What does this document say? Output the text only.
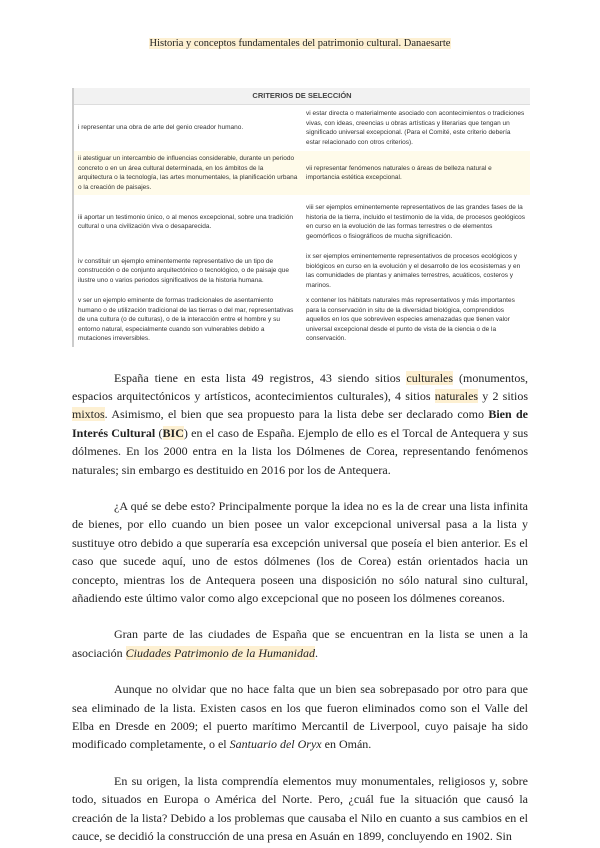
Historia y conceptos fundamentales del patrimonio cultural. Danaesarte
CRITERIOS DE SELECCIÓN
i representar una obra de arte del genio creador humano.
vi estar directa o materialmente asociado con acontecimientos o tradiciones vivas, con ideas, creencias u obras artísticas y literarias que tengan un significado universal excepcional. (Para el Comité, este criterio debería estar relacionado con otros criterios).
ii atestiguar un intercambio de influencias considerable, durante un periodo concreto o en un área cultural determinada, en los ámbitos de la arquitectura o la tecnología, las artes monumentales, la planificación urbana o la creación de paisajes.
vii representar fenómenos naturales o áreas de belleza natural e importancia estética excepcional.
iii aportar un testimonio único, o al menos excepcional, sobre una tradición cultural o una civilización viva o desaparecida.
viii ser ejemplos eminentemente representativos de las grandes fases de la historia de la tierra, incluido el testimonio de la vida, de procesos geológicos en curso en la evolución de las formas terrestres o de elementos geomórficos o fisiográficos de mucha significación.
iv constituir un ejemplo eminentemente representativo de un tipo de construcción o de conjunto arquitectónico o tecnológico, o de paisaje que ilustre uno o varios periodos significativos de la historia humana.
ix ser ejemplos eminentemente representativos de procesos ecológicos y biológicos en curso en la evolución y el desarrollo de los ecosistemas y en las comunidades de plantas y animales terrestres, acuáticos, costeros y marinos.
v ser un ejemplo eminente de formas tradicionales de asentamiento humano o de utilización tradicional de las tierras o del mar, representativas de una cultura (o de culturas), o de la interacción entre el hombre y su entorno natural, especialmente cuando son vulnerables debido a mutaciones irreversibles.
x contener los hábitats naturales más representativos y más importantes para la conservación in situ de la diversidad biológica, comprendidos aquellos en los que sobreviven especies amenazadas que tienen valor universal excepcional desde el punto de vista de la ciencia o de la conservación.

España tiene en esta lista 49 registros, 43 siendo sitios culturales (monumentos, espacios arquitectónicos y artísticos, acontecimientos culturales), 4 sitios naturales y 2 sitios mixtos. Asimismo, el bien que sea propuesto para la lista debe ser declarado como Bien de Interés Cultural (BIC) en el caso de España. Ejemplo de ello es el Torcal de Antequera y sus dólmenes. En los 2000 entra en la lista los Dólmenes de Corea, representando fenómenos naturales; sin embargo es destituido en 2016 por los de Antequera.

¿A qué se debe esto? Principalmente porque la idea no es la de crear una lista infinita de bienes, por ello cuando un bien posee un valor excepcional universal pasa a la lista y sustituye otro debido a que superaría esa excepción universal que poseía el bien anterior. Es el caso que sucede aquí, uno de estos dólmenes (los de Corea) están orientados hacia un concepto, mientras los de Antequera poseen una disposición no sólo natural sino cultural, añadiendo este último valor como algo excepcional que no poseen los dólmenes coreanos.

Gran parte de las ciudades de España que se encuentran en la lista se unen a la asociación Ciudades Patrimonio de la Humanidad.

Aunque no olvidar que no hace falta que un bien sea sobrepasado por otro para que sea eliminado de la lista. Existen casos en los que fueron eliminados como son el Valle del Elba en Dresde en 2009; el puerto marítimo Mercantil de Liverpool, cuyo paisaje ha sido modificado completamente, o el Santuario del Oryx en Omán.

En su origen, la lista comprendía elementos muy monumentales, religiosos y, sobre todo, situados en Europa o América del Norte. Pero, ¿cuál fue la situación que causó la creación de la lista? Debido a los problemas que causaba el Nilo en cuanto a sus cambios en el cauce, se decidió la construcción de una presa en Asuán en 1899, concluyendo en 1902. Sin
